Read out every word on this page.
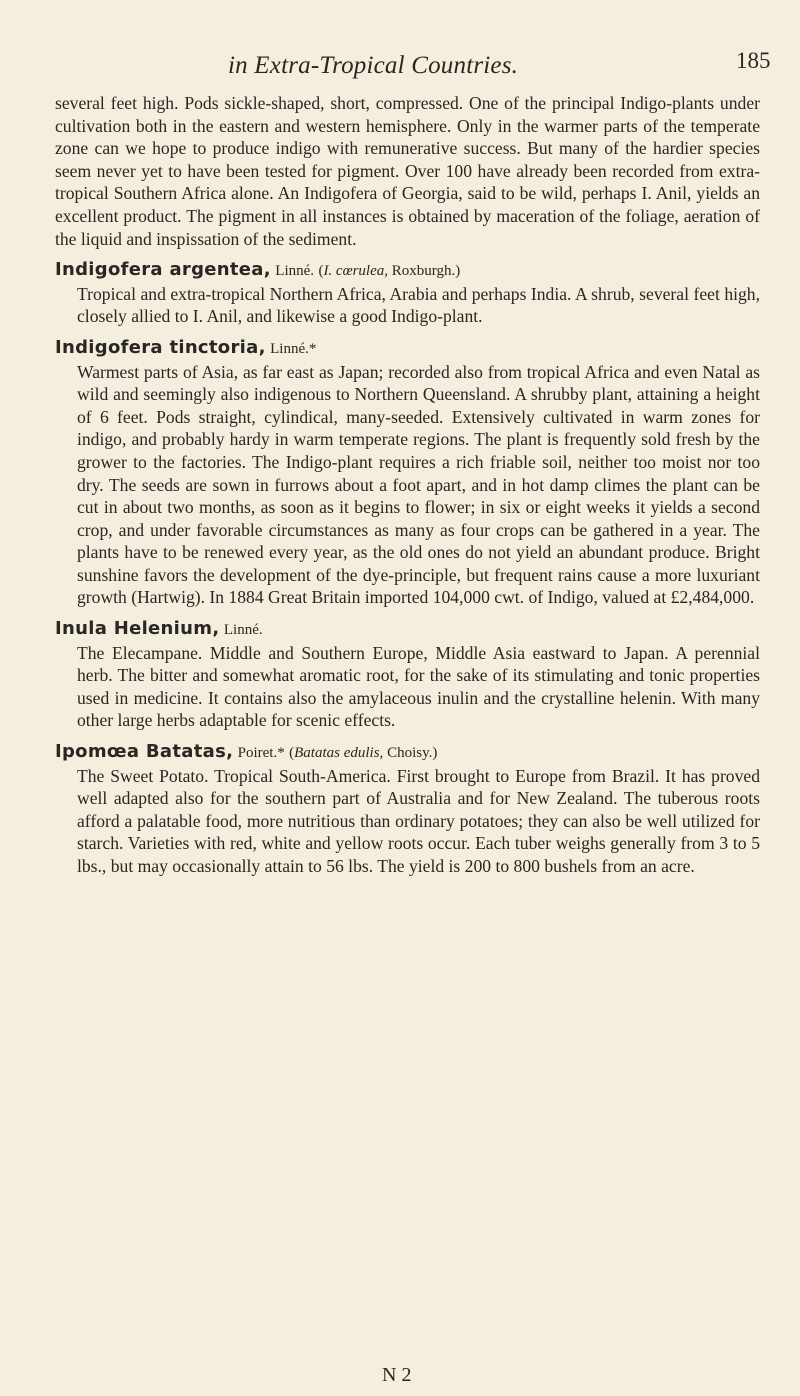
in Extra-Tropical Countries.	185

several feet high. Pods sickle-shaped, short, compressed. One of the principal Indigo-plants under cultivation both in the eastern and western hemisphere. Only in the warmer parts of the temperate zone can we hope to produce indigo with remunerative success. But many of the hardier species seem never yet to have been tested for pigment. Over 100 have already been recorded from extra-tropical Southern Africa alone. An Indigofera of Georgia, said to be wild, perhaps I. Anil, yields an excellent product. The pigment in all instances is obtained by maceration of the foliage, aeration of the liquid and inspissation of the sediment.

Indigofera argentea, Linné. (I. cœrulea, Roxburgh.)

Tropical and extra-tropical Northern Africa, Arabia and perhaps India. A shrub, several feet high, closely allied to I. Anil, and likewise a good Indigo-plant.

Indigofera tinctoria, Linné.*

Warmest parts of Asia, as far east as Japan; recorded also from tropical Africa and even Natal as wild and seemingly also indigenous to Northern Queensland. A shrubby plant, attaining a height of 6 feet. Pods straight, cylindical, many-seeded. Extensively cultivated in warm zones for indigo, and probably hardy in warm temperate regions. The plant is frequently sold fresh by the grower to the factories. The Indigo-plant requires a rich friable soil, neither too moist nor too dry. The seeds are sown in furrows about a foot apart, and in hot damp climes the plant can be cut in about two months, as soon as it begins to flower; in six or eight weeks it yields a second crop, and under favorable circumstances as many as four crops can be gathered in a year. The plants have to be renewed every year, as the old ones do not yield an abundant produce. Bright sunshine favors the development of the dye-principle, but frequent rains cause a more luxuriant growth (Hartwig). In 1884 Great Britain imported 104,000 cwt. of Indigo, valued at £2,484,000.

Inula Helenium, Linné.

The Elecampane. Middle and Southern Europe, Middle Asia eastward to Japan. A perennial herb. The bitter and somewhat aromatic root, for the sake of its stimulating and tonic properties used in medicine. It contains also the amylaceous inulin and the crystalline helenin. With many other large herbs adaptable for scenic effects.

Ipomœa Batatas, Poiret.* (Batatas edulis, Choisy.)

The Sweet Potato. Tropical South-America. First brought to Europe from Brazil. It has proved well adapted also for the southern part of Australia and for New Zealand. The tuberous roots afford a palatable food, more nutritious than ordinary potatoes; they can also be well utilized for starch. Varieties with red, white and yellow roots occur. Each tuber weighs generally from 3 to 5 lbs., but may occasionally attain to 56 lbs. The yield is 200 to 800 bushels from an acre.

N 2
